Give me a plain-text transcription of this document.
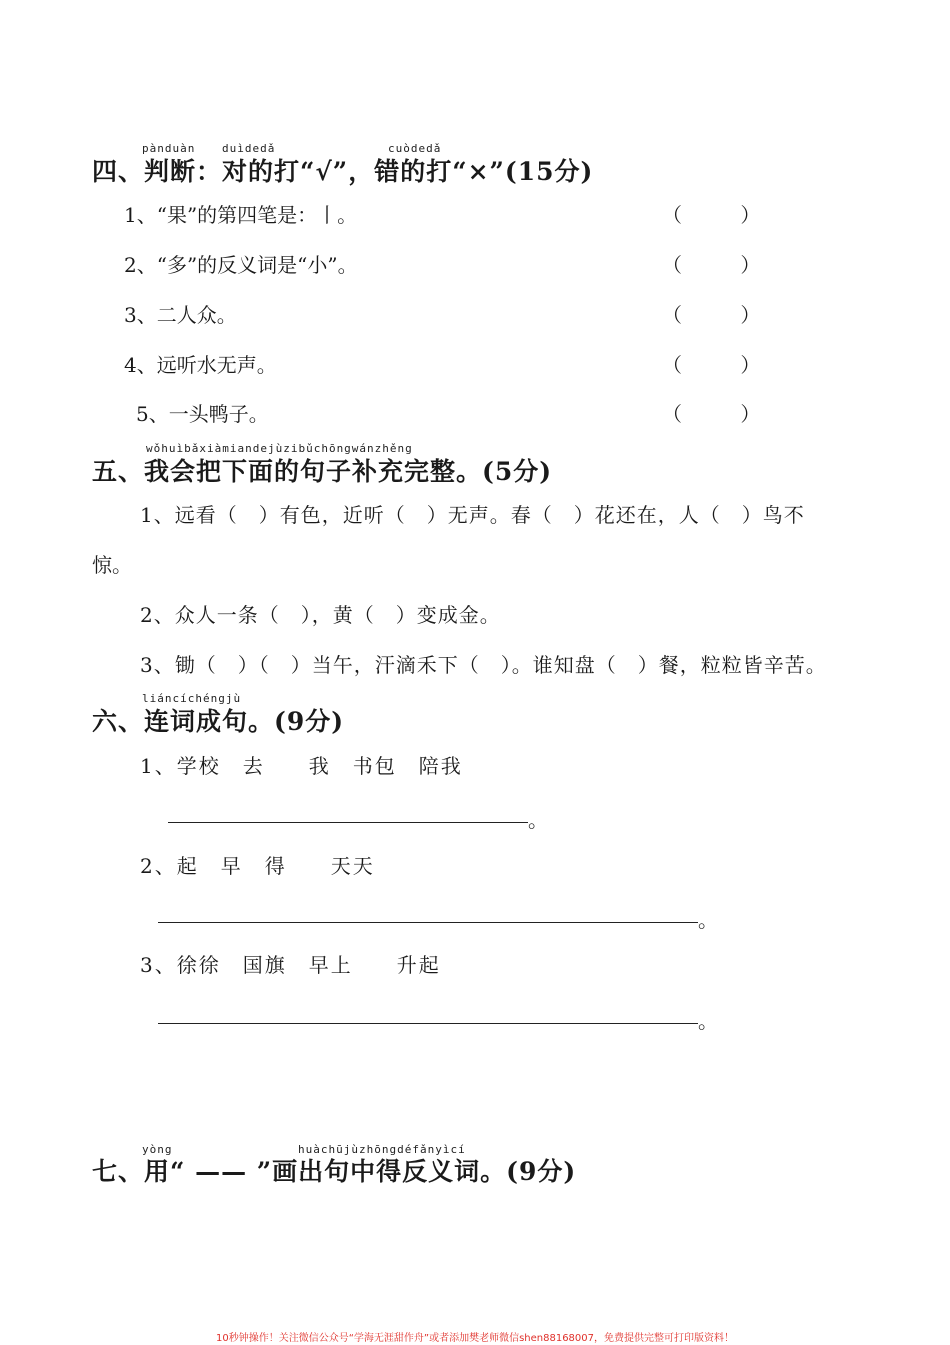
pànduàn duìdedǎ	cuòdedǎ
四、判断：对的打“√”，错的打“×”(15分)
1、“果”的第四笔是：丨。	（ ）
2、“多”的反义词是“小”。	（ ）
3、二人众。	（ ）
4、远听水无声。	（ ）
5、一头鸭子。	（ ）
wǒhuìbǎxiàmiandejùzibǔchōngwánzhěng
五、我会把下面的句子补充完整。(5分)
1、远看（　）有色，近听（　）无声。春（　）花还在，人（　）鸟不
惊。
2、众人一条（　），黄（　）变成金。
3、锄（　）（　）当午，汗滴禾下（　）。谁知盘（　）餐，粒粒皆辛苦。
liáncíchéngjù
六、连词成句。(9分)
1、学校　去　　我　书包　陪我
。
2、起　早　得　　天天
。
3、徐徐　国旗　早上　　升起
。
yòng	huàchūjùzhōngdéfǎnyìcí
七、用“ —— ”画出句中得反义词。(9分)
10秒钟操作！关注微信公众号“学海无涯甜作舟”或者添加樊老师微信shen88168007，免费提供完整可打印版资料！
